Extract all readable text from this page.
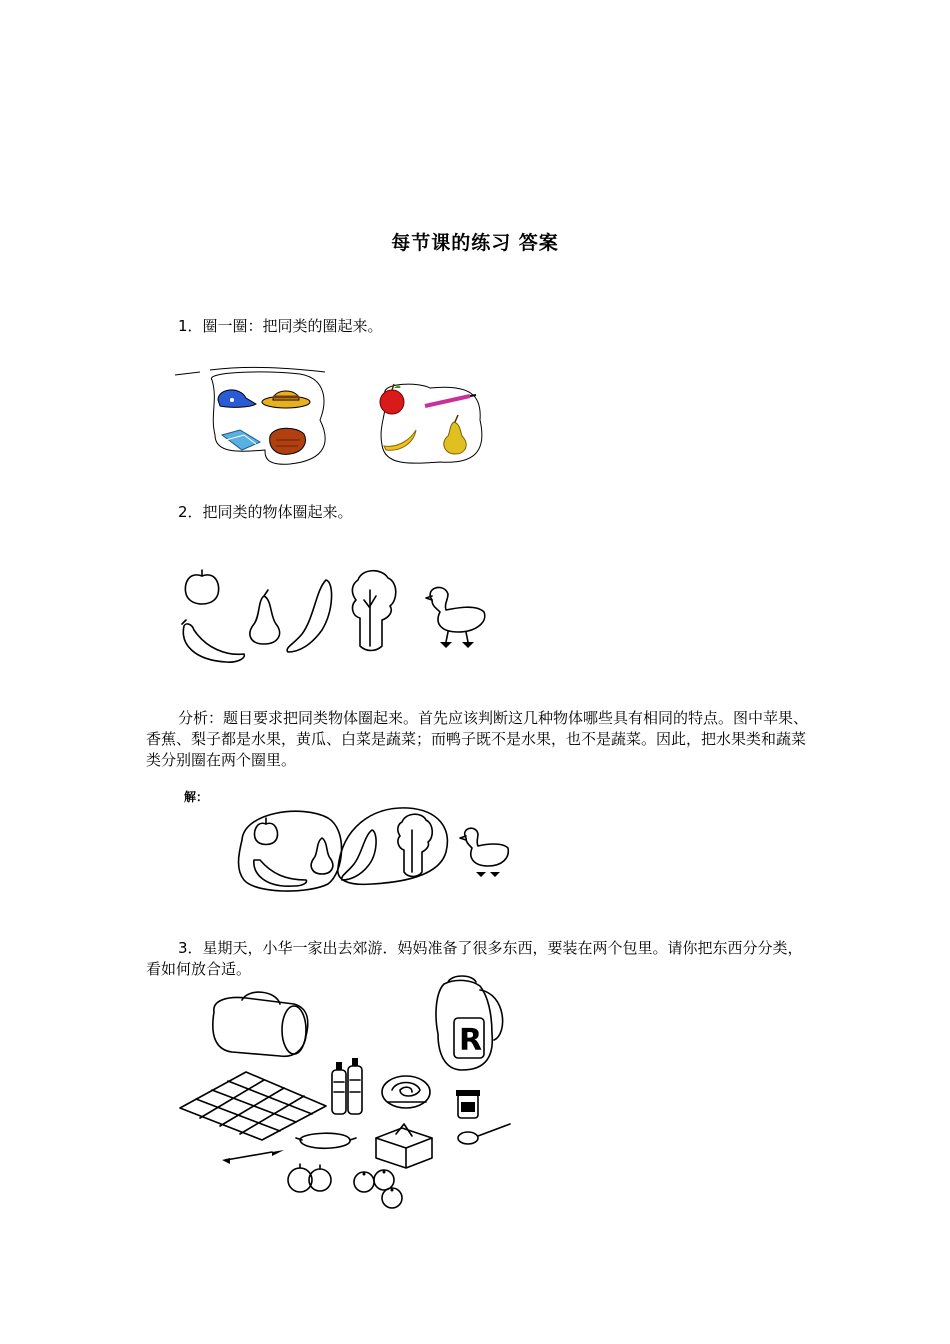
每节课的练习 答案
1．圈一圈：把同类的圈起来。
2．把同类的物体圈起来。
分析：题目要求把同类物体圈起来。首先应该判断这几种物体哪些具有相同的特点。图中苹果、香蕉、梨子都是水果，黄瓜、白菜是蔬菜；而鸭子既不是水果，也不是蔬菜。因此，把水果类和蔬菜类分别圈在两个圈里。
解：
3．星期天，小华一家出去郊游．妈妈准备了很多东西，要装在两个包里。请你把东西分分类，看如何放合适。
R
